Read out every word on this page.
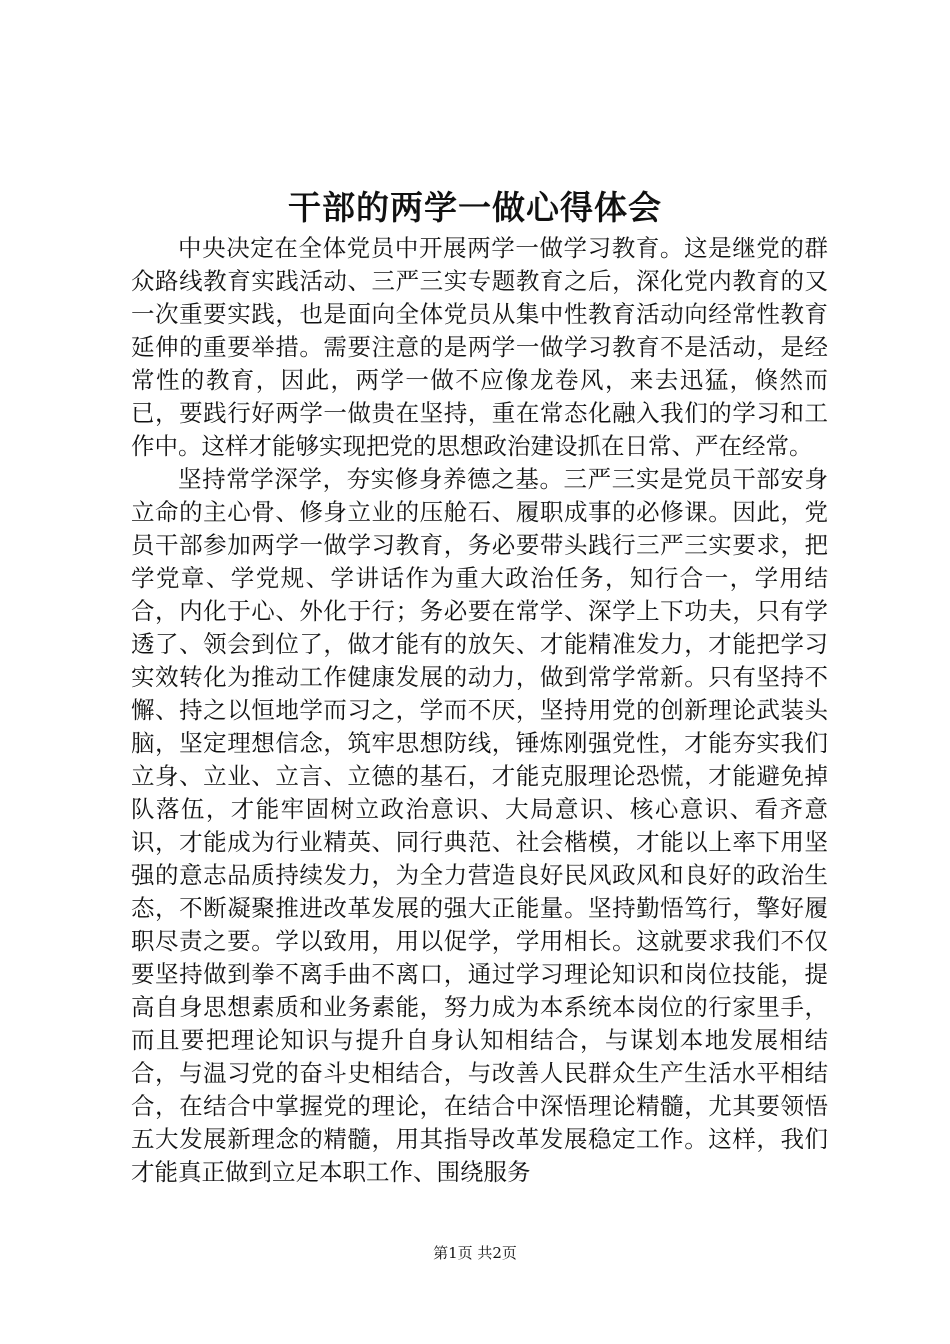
干部的两学一做心得体会

中央决定在全体党员中开展两学一做学习教育。这是继党的群众路线教育实践活动、三严三实专题教育之后，深化党内教育的又一次重要实践，也是面向全体党员从集中性教育活动向经常性教育延伸的重要举措。需要注意的是两学一做学习教育不是活动，是经常性的教育，因此，两学一做不应像龙卷风，来去迅猛，倏然而已，要践行好两学一做贵在坚持，重在常态化融入我们的学习和工作中。这样才能够实现把党的思想政治建设抓在日常、严在经常。

坚持常学深学，夯实修身养德之基。三严三实是党员干部安身立命的主心骨、修身立业的压舱石、履职成事的必修课。因此，党员干部参加两学一做学习教育，务必要带头践行三严三实要求，把学党章、学党规、学讲话作为重大政治任务，知行合一，学用结合，内化于心、外化于行；务必要在常学、深学上下功夫，只有学透了、领会到位了，做才能有的放矢、才能精准发力，才能把学习实效转化为推动工作健康发展的动力，做到常学常新。只有坚持不懈、持之以恒地学而习之，学而不厌，坚持用党的创新理论武装头脑，坚定理想信念，筑牢思想防线，锤炼刚强党性，才能夯实我们立身、立业、立言、立德的基石，才能克服理论恐慌，才能避免掉队落伍，才能牢固树立政治意识、大局意识、核心意识、看齐意识，才能成为行业精英、同行典范、社会楷模，才能以上率下用坚强的意志品质持续发力，为全力营造良好民风政风和良好的政治生态，不断凝聚推进改革发展的强大正能量。坚持勤悟笃行，擎好履职尽责之要。学以致用，用以促学，学用相长。这就要求我们不仅要坚持做到拳不离手曲不离口，通过学习理论知识和岗位技能，提高自身思想素质和业务素能，努力成为本系统本岗位的行家里手，而且要把理论知识与提升自身认知相结合，与谋划本地发展相结合，与温习党的奋斗史相结合，与改善人民群众生产生活水平相结合，在结合中掌握党的理论，在结合中深悟理论精髓，尤其要领悟五大发展新理念的精髓，用其指导改革发展稳定工作。这样，我们才能真正做到立足本职工作、围绕服务

第1页 共2页
